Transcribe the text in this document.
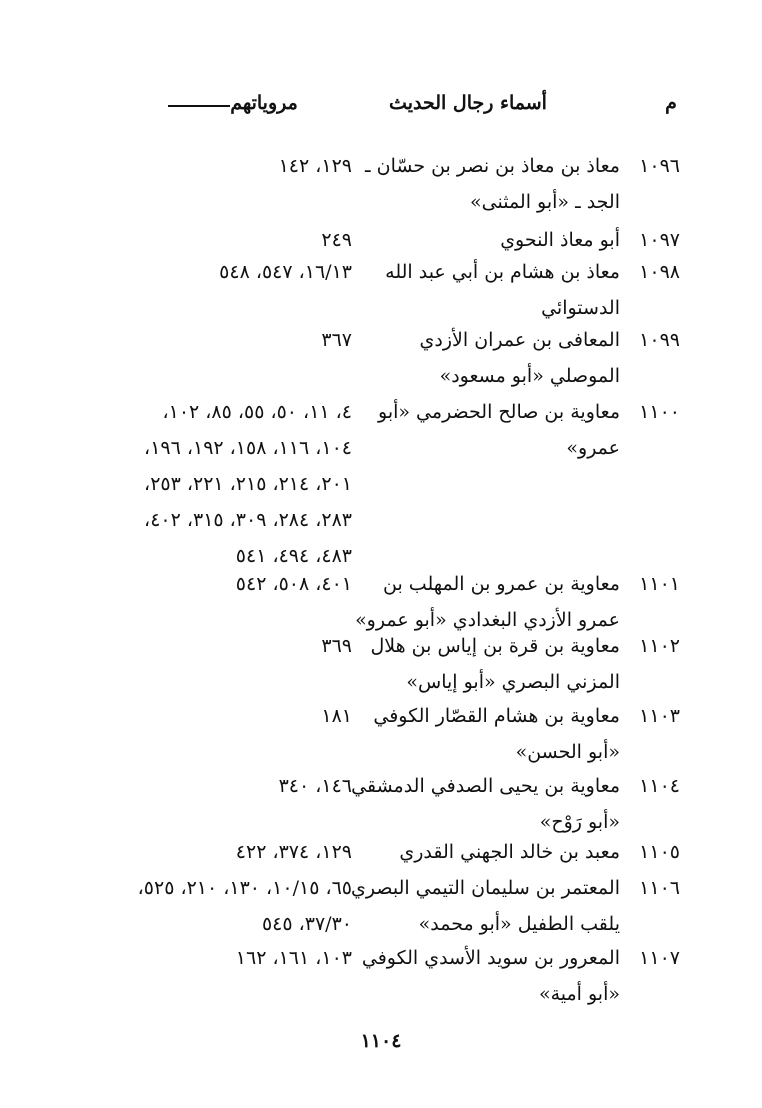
م
أسماء رجال الحديث
مروياتهم
١٠٩٦
معاذ بن معاذ بن نصر بن حسّان ـ
الجد ـ «أبو المثنى»
١٢٩، ١٤٢
١٠٩٧
أبو معاذ النحوي
٢٤٩
١٠٩٨
معاذ بن هشام بن أبي عبد الله
الدستوائي
١٦/١٣، ٥٤٧، ٥٤٨
١٠٩٩
المعافى بن عمران الأزدي
الموصلي «أبو مسعود»
٣٦٧
١١٠٠
معاوية بن صالح الحضرمي «أبو
عمرو»
٤، ١١، ٥٠، ٥٥، ٨٥، ١٠٢،
١٠٤، ١١٦، ١٥٨، ١٩٢، ١٩٦،
٢٠١، ٢١٤، ٢١٥، ٢٢١، ٢٥٣،
٢٨٣، ٢٨٤، ٣٠٩، ٣١٥، ٤٠٢،
٤٨٣، ٤٩٤، ٥٤١
١١٠١
معاوية بن عمرو بن المهلب بن
عمرو الأزدي البغدادي «أبو عمرو»
٤٠١، ٥٠٨، ٥٤٢
١١٠٢
معاوية بن قرة بن إياس بن هلال
المزني البصري «أبو إياس»
٣٦٩
١١٠٣
معاوية بن هشام القصّار الكوفي
«أبو الحسن»
١٨١
١١٠٤
معاوية بن يحيى الصدفي الدمشقي
«أبو رَوْح»
١٤٦، ٣٤٠
١١٠٥
معبد بن خالد الجهني القدري
١٢٩، ٣٧٤، ٤٢٢
١١٠٦
المعتمر بن سليمان التيمي البصري
يلقب الطفيل «أبو محمد»
٦٥، ١٠/١٥، ١٣٠، ٢١٠، ٥٢٥،
٣٧/٣٠، ٥٤٥
١١٠٧
المعرور بن سويد الأسدي الكوفي
«أبو أمية»
١٠٣، ١٦١، ١٦٢
١١٠٤
